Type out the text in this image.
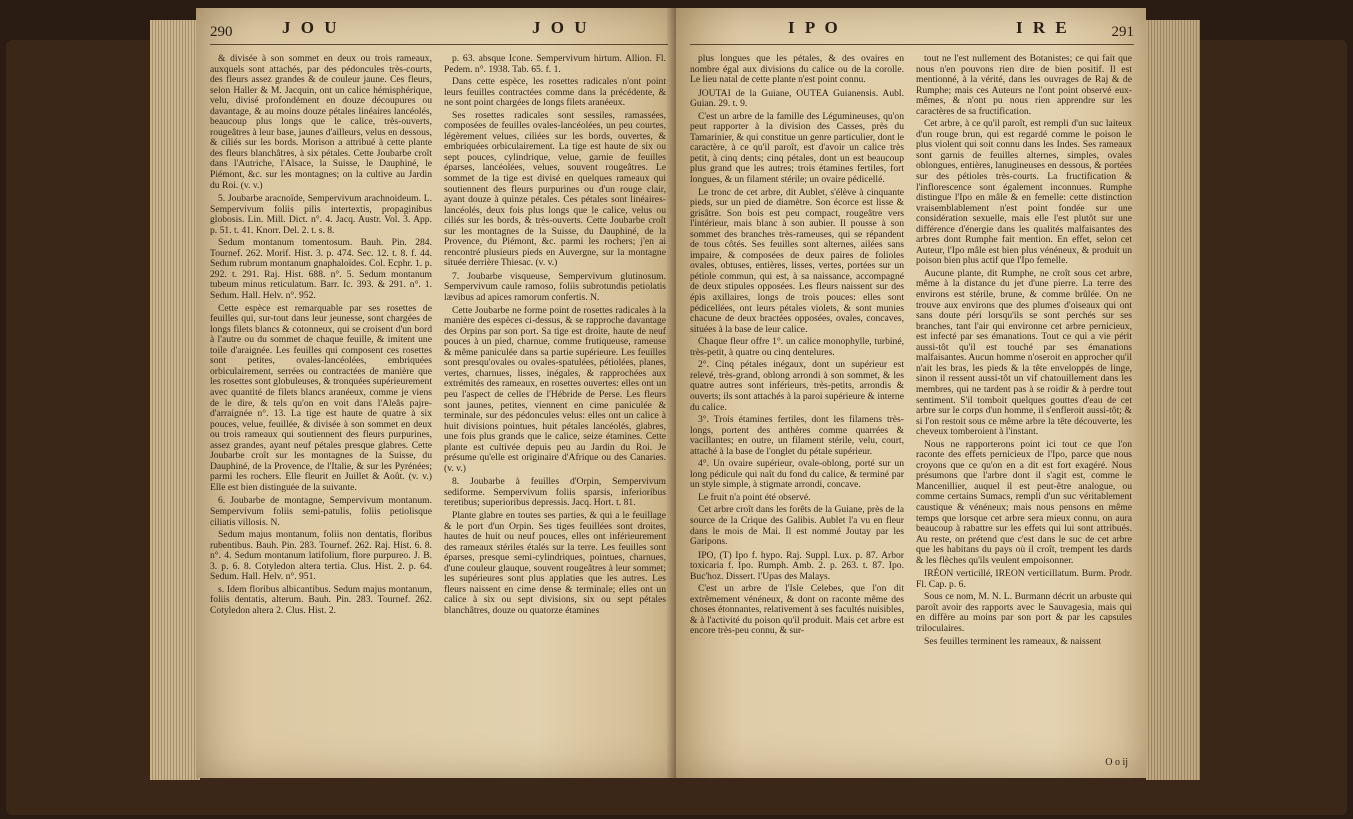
290	J O U	J O U

& divisée à son sommet en deux ou trois rameaux, auxquels sont attachés, par des pédoncules très-courts, des fleurs assez grandes & de couleur jaune. Ces fleurs, selon Haller & M. Jacquin, ont un calice hémisphérique, velu, divisé profondément en douze découpures ou davantage, & au moins douze pétales linéaires lancéolés, beaucoup plus longs que le calice, très-ouverts, rougeâtres à leur base, jaunes d'ailleurs, velus en dessous, & ciliés sur les bords. Morison a attribué à cette plante des fleurs blanchâtres, à six pétales. Cette Joubarbe croît dans l'Autriche, l'Alsace, la Suisse, le Dauphiné, le Piémont, &c. sur les montagnes; on la cultive au Jardin du Roi. (v. v.)

5. Joubarbe aracnoïde, Sempervivum arachnoideum. L. Sempervivum foliis pilis intertextis, propaginibus globosis. Lin. Mill. Dict. n°. 4. Jacq. Austr. Vol. 3. App. p. 51. t. 41. Knorr. Del. 2. t. s. 8.

Sedum montanum tomentosum. Bauh. Pin. 284. Tournef. 262. Morif. Hist. 3. p. 474. Sec. 12. t. 8. f. 44. Sedum rubrum montanum gnaphaloïdes. Col. Ecphr. 1. p. 292. t. 291. Raj. Hist. 688. n°. 5. Sedum montanum tubeum minus reticulatum. Barr. Ic. 393. & 291. n°. 1. Sedum. Hall. Helv. n°. 952.

Cette espèce est remarquable par ses rosettes de feuilles qui, sur-tout dans leur jeunesse, sont chargées de longs filets blancs & cotonneux, qui se croisent d'un bord à l'autre ou du sommet de chaque feuille, & imitent une toile d'araignée. Les feuilles qui composent ces rosettes sont petites, ovales-lancéolées, embriquées orbiculairement, serrées ou contractées de manière que les rosettes sont globuleuses, & tronquées supérieurement avec quantité de filets blancs aranéeux, comme je viens de le dire, & tels qu'on en voit dans l'Aleâs pajre-d'arraignée n°. 13. La tige est haute de quatre à six pouces, velue, feuillée, & divisée à son sommet en deux ou trois rameaux qui soutiennent des fleurs purpurines, assez grandes, ayant neuf pétales presque glabres. Cette Joubarbe croît sur les montagnes de la Suisse, du Dauphiné, de la Provence, de l'Italie, & sur les Pyrénées; parmi les rochers. Elle fleurit en Juillet & Août. (v. v.) Elle est bien distinguée de la suivante.

6. Joubarbe de montagne, Sempervivum montanum. Sempervivum foliis semi-patulis, foliis petiolisque ciliatis villosis. N.

Sedum majus montanum, foliis non dentatis, floribus rubentibus. Bauh. Pin. 283. Tournef. 262. Raj. Hist. 6. 8. n°. 4. Sedum montanum latifolium, flore purpureo. J. B. 3. p. 6. 8. Cotyledon altera tertia. Clus. Hist. 2. p. 64. Sedum. Hall. Helv. n°. 951.

s. Idem floribus albicantibus. Sedum majus montanum, foliis dentatis, alterum. Bauh. Pin. 283. Tournef. 262. Cotyledon altera 2. Clus. Hist. 2.

p. 63. absque Icone. Sempervivum hirtum. Allion. Fl. Pedem. n°. 1938. Tab. 65. f. 1.

Dans cette espèce, les rosettes radicales n'ont point leurs feuilles contractées comme dans la précédente, & ne sont point chargées de longs filets aranéeux.

Ses rosettes radicales sont sessiles, ramassées, composées de feuilles ovales-lancéolées, un peu courtes, légèrement velues, ciliées sur les bords, ouvertes, & embriquées orbiculairement. La tige est haute de six ou sept pouces, cylindrique, velue, garnie de feuilles éparses, lancéolées, velues, souvent rougeâtres. Le sommet de la tige est divisé en quelques rameaux qui soutiennent des fleurs purpurines ou d'un rouge clair, ayant douze à quinze pétales. Ces pétales sont linéaires-lancéolés, deux fois plus longs que le calice, velus ou ciliés sur les bords, & très-ouverts. Cette Joubarbe croît sur les montagnes de la Suisse, du Dauphiné, de la Provence, du Piémont, &c. parmi les rochers; j'en ai rencontré plusieurs pieds en Auvergne, sur la montagne située derrière Thiesac. (v. v.)

7. Joubarbe visqueuse, Sempervivum glutinosum. Sempervivum caule ramoso, foliis subrotundis petiolatis lævibus ad apices ramorum confertis. N.

Cette Joubarbe ne forme point de rosettes radicales à la manière des espèces ci-dessus, & se rapproche davantage des Orpins par son port. Sa tige est droite, haute de neuf pouces à un pied, charnue, comme frutiqueuse, rameuse & même paniculée dans sa partie supérieure. Les feuilles sont presqu'ovales ou ovales-spatulées, pétiolées, planes, vertes, charnues, lisses, inégales, & rapprochées aux extrémités des rameaux, en rosettes ouvertes: elles ont un peu l'aspect de celles de l'Hébride de Perse. Les fleurs sont jaunes, petites, viennent en cime paniculée & terminale, sur des pédoncules velus: elles ont un calice à huit divisions pointues, huit pétales lancéolés, glabres, une fois plus grands que le calice, seize étamines. Cette plante est cultivée depuis peu au Jardin du Roi. Je présume qu'elle est originaire d'Afrique ou des Canaries. (v. v.)

8. Joubarbe à feuilles d'Orpin, Sempervivum sediforme. Sempervivum foliis sparsis, inferioribus teretibus; superioribus depressis. Jacq. Hort. t. 81.

Plante glabre en toutes ses parties, & qui a le feuillage & le port d'un Orpin. Ses tiges feuillées sont droites, hautes de huit ou neuf pouces, elles ont inférieurement des rameaux stériles étalés sur la terre. Les feuilles sont éparses, presque semi-cylindriques, pointues, charnues, d'une couleur glauque, souvent rougeâtres à leur sommet; les supérieures sont plus applaties que les autres. Les fleurs naissent en cime dense & terminale; elles ont un calice à six ou sept divisions, six ou sept pétales blanchâtres, douze ou quatorze étamines

I P O	I R E	291

plus longues que les pétales, & des ovaires en nombre égal aux divisions du calice ou de la corolle. Le lieu natal de cette plante n'est point connu.

JOUTAI de la Guiane, OUTEA Guianensis. Aubl. Guian. 29. t. 9.

C'est un arbre de la famille des Légumineuses, qu'on peut rapporter à la division des Casses, près du Tamarinier, & qui constitue un genre particulier, dont le caractère, à ce qu'il paroît, est d'avoir un calice très petit, à cinq dents; cinq pétales, dont un est beaucoup plus grand que les autres; trois étamines fertiles, fort longues, & un filament stérile; un ovaire pédicellé.

Le tronc de cet arbre, dit Aublet, s'élève à cinquante pieds, sur un pied de diamètre. Son écorce est lisse & grisâtre. Son bois est peu compact, rougeâtre vers l'intérieur, mais blanc à son aubier. Il pousse à son sommet des branches très-rameuses, qui se répandent de tous côtés. Ses feuilles sont alternes, ailées sans impaire, & composées de deux paires de folioles ovales, obtuses, entières, lisses, vertes, portées sur un pétiole commun, qui est, à sa naissance, accompagné de deux stipules opposées. Les fleurs naissent sur des épis axillaires, longs de trois pouces: elles sont pédicellées, ont leurs pétales violets, & sont munies chacune de deux bractées opposées, ovales, concaves, situées à la base de leur calice.

Chaque fleur offre 1°. un calice monophylle, turbiné, très-petit, à quatre ou cinq dentelures.

2°. Cinq pétales inégaux, dont un supérieur est relevé, très-grand, oblong arrondi à son sommet, & les quatre autres sont inférieurs, très-petits, arrondis & ouverts; ils sont attachés à la paroi supérieure & interne du calice.

3°. Trois étamines fertiles, dont les filamens très-longs, portent des anthères comme quarrées & vacillantes; en outre, un filament stérile, velu, court, attaché à la base de l'onglet du pétale supérieur.

4°. Un ovaire supérieur, ovale-oblong, porté sur un long pédicule qui naît du fond du calice, & terminé par un style simple, à stigmate arrondi, concave.

Le fruit n'a point été observé.

Cet arbre croît dans les forêts de la Guiane, près de la source de la Crique des Galibis. Aublet l'a vu en fleur dans le mois de Mai. Il est nommé Joutay par les Garipons.

IPO, (T) Ipo f. hypo. Raj. Suppl. Lux. p. 87. Arbor toxicaria f. Ipo. Rumph. Amb. 2. p. 263. t. 87. Ipo. Buc'hoz. Dissert. l'Upas des Malays.

C'est un arbre de l'Isle Celebes, que l'on dit extrêmement vénéneux, & dont on raconte même des choses étonnantes, relativement à ses facultés nuisibles, & à l'activité du poison qu'il produit. Mais cet arbre est encore très-peu connu, & sur-

tout ne l'est nullement des Botanistes; ce qui fait que nous n'en pouvons rien dire de bien positif. Il est mentionné, à la vérité, dans les ouvrages de Raj & de Rumphe; mais ces Auteurs ne l'ont point observé eux-mêmes, & n'ont pu nous rien apprendre sur les caractères de sa fructification.

Cet arbre, à ce qu'il paroît, est rempli d'un suc laiteux d'un rouge brun, qui est regardé comme le poison le plus violent qui soit connu dans les Indes. Ses rameaux sont garnis de feuilles alternes, simples, ovales oblongues, entières, lanugineuses en dessous, & portées sur des pétioles très-courts. La fructification & l'inflorescence sont également inconnues. Rumphe distingue l'Ipo en mâle & en femelle: cette distinction vraisemblablement n'est point fondée sur une considération sexuelle, mais elle l'est plutôt sur une différence d'énergie dans les qualités malfaisantes des arbres dont Rumphe fait mention. En effet, selon cet Auteur, l'Ipo mâle est bien plus vénéneux, & produit un poison bien plus actif que l'Ipo femelle.

Aucune plante, dit Rumphe, ne croît sous cet arbre, même à la distance du jet d'une pierre. La terre des environs est stérile, brune, & comme brûlée. On ne trouve aux environs que des plumes d'oiseaux qui ont sans doute péri lorsqu'ils se sont perchés sur ses branches, tant l'air qui environne cet arbre pernicieux, est infecté par ses émanations. Tout ce qui a vie périt aussi-tôt qu'il est touché par ses émanations malfaisantes. Aucun homme n'oseroit en approcher qu'il n'ait les bras, les pieds & la tête enveloppés de linge, sinon il ressent aussi-tôt un vif chatouillement dans les membres, qui ne tardent pas à se roidir & à perdre tout sentiment. S'il tomboit quelques gouttes d'eau de cet arbre sur le corps d'un homme, il s'enfleroit aussi-tôt; & si l'on restoit sous ce même arbre la tête découverte, les cheveux tomberoient à l'instant.

Nous ne rapporterons point ici tout ce que l'on raconte des effets pernicieux de l'Ipo, parce que nous croyons que ce qu'on en a dit est fort exagéré. Nous présumons que l'arbre dont il s'agit est, comme le Mancenillier, auquel il est peut-être analogue, ou comme certains Sumacs, rempli d'un suc véritablement caustique & vénéneux; mais nous pensons en même temps que lorsque cet arbre sera mieux connu, on aura beaucoup à rabattre sur les effets qui lui sont attribués. Au reste, on prétend que c'est dans le suc de cet arbre que les habitans du pays où il croît, trempent les dards & les flèches qu'ils veulent empoisonner.

IRÉON verticillé, IREON verticillatum. Burm. Prodr. Fl. Cap. p. 6.

Sous ce nom, M. N. L. Burmann décrit un arbuste qui paroît avoir des rapports avec le Sauvagesia, mais qui en diffère au moins par son port & par les capsules triloculaires.

Ses feuilles terminent les rameaux, & naissent

O o ij
